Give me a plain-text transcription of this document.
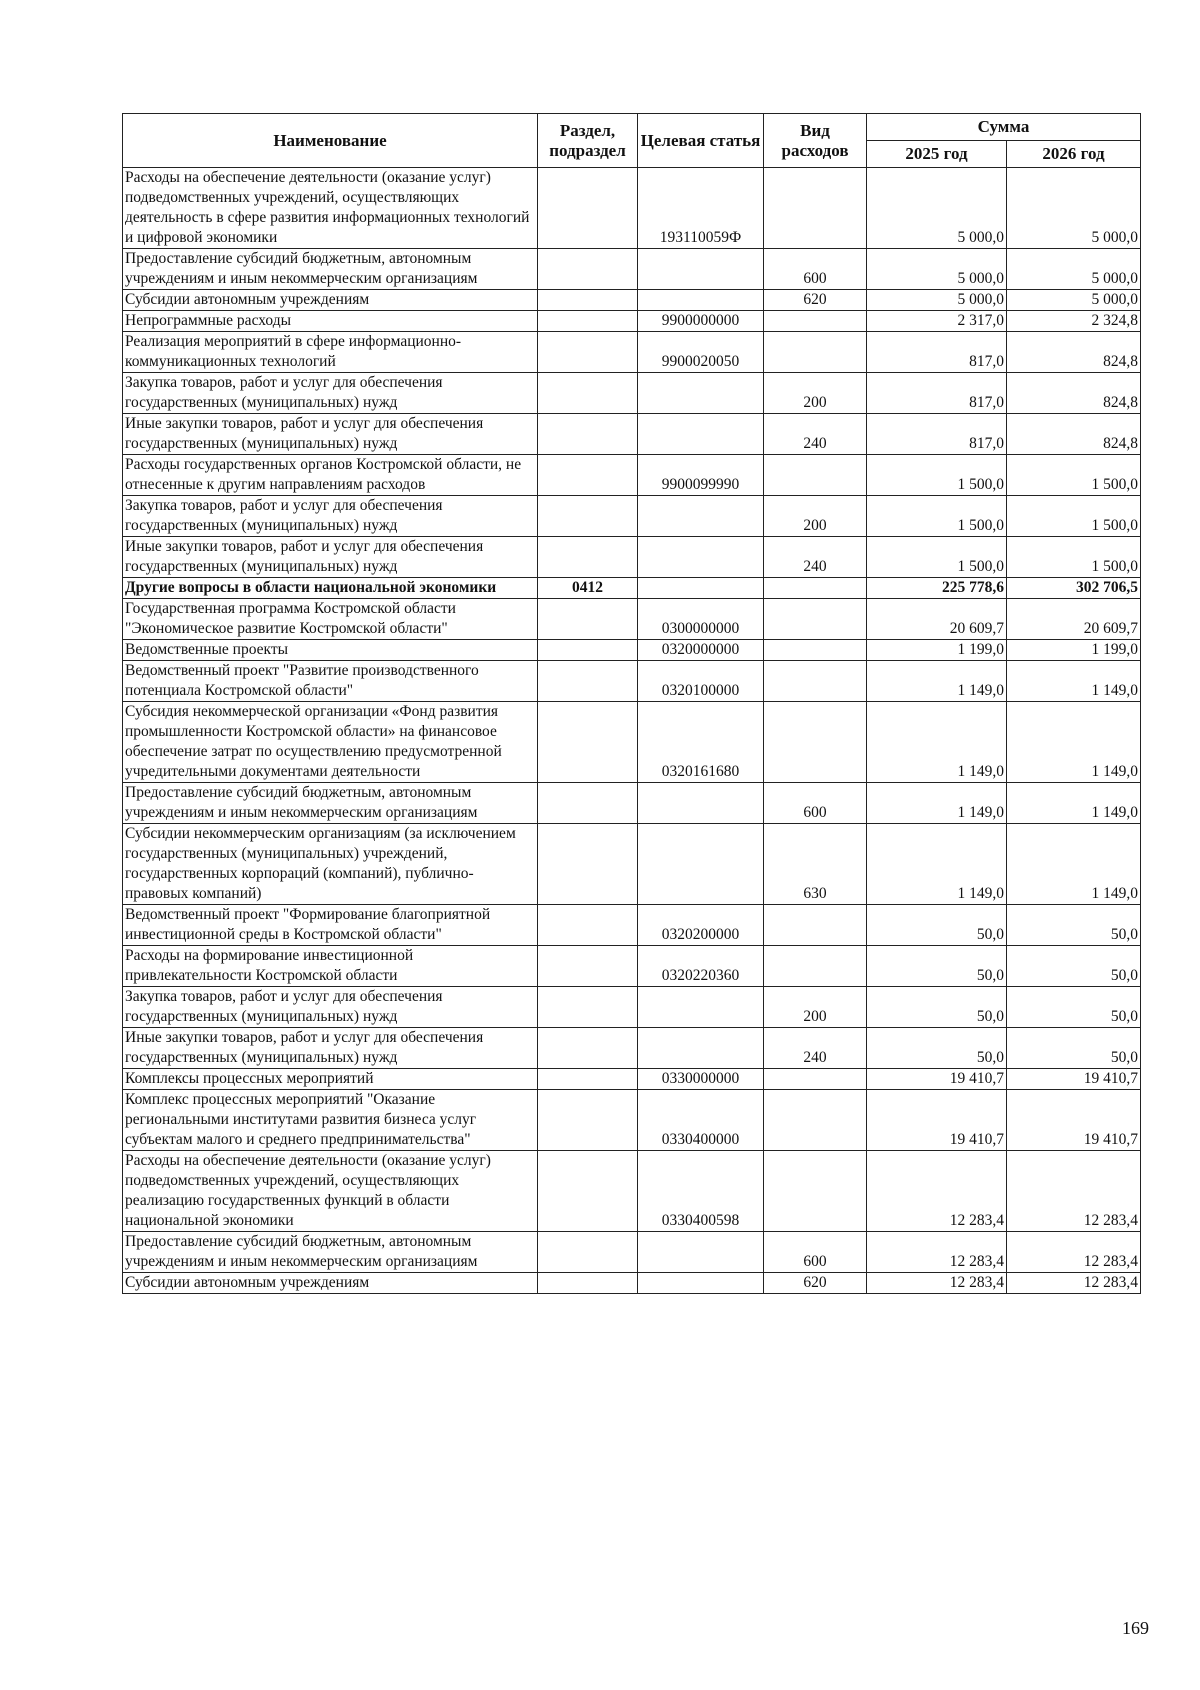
Наименование	Раздел, подраздел	Целевая статья	Вид расходов	Сумма	
				2025 год	2026 год
Расходы на обеспечение деятельности (оказание услуг) подведомственных учреждений, осуществляющих деятельность в сфере развития информационных технологий и цифровой экономики		193110059Ф		5 000,0	5 000,0
Предоставление субсидий бюджетным, автономным учреждениям и иным некоммерческим организациям			600	5 000,0	5 000,0
Субсидии автономным учреждениям			620	5 000,0	5 000,0
Непрограммные расходы		9900000000		2 317,0	2 324,8
Реализация мероприятий в сфере информационно-коммуникационных технологий		9900020050		817,0	824,8
Закупка товаров, работ и услуг для обеспечения государственных (муниципальных) нужд			200	817,0	824,8
Иные закупки товаров, работ и услуг для обеспечения государственных (муниципальных) нужд			240	817,0	824,8
Расходы государственных органов Костромской области, не отнесенные к другим направлениям расходов		9900099990		1 500,0	1 500,0
Закупка товаров, работ и услуг для обеспечения государственных (муниципальных) нужд			200	1 500,0	1 500,0
Иные закупки товаров, работ и услуг для обеспечения государственных (муниципальных) нужд			240	1 500,0	1 500,0
Другие вопросы в области национальной экономики	0412			225 778,6	302 706,5
Государственная программа Костромской области "Экономическое развитие Костромской области"		0300000000		20 609,7	20 609,7
Ведомственные проекты		0320000000		1 199,0	1 199,0
Ведомственный проект "Развитие производственного потенциала Костромской области"		0320100000		1 149,0	1 149,0
Субсидия некоммерческой организации «Фонд развития промышленности Костромской области» на финансовое обеспечение затрат по осуществлению предусмотренной учредительными документами деятельности		0320161680		1 149,0	1 149,0
Предоставление субсидий бюджетным, автономным учреждениям и иным некоммерческим организациям			600	1 149,0	1 149,0
Субсидии некоммерческим организациям (за исключением государственных (муниципальных) учреждений, государственных корпораций (компаний), публично-правовых компаний)			630	1 149,0	1 149,0
Ведомственный проект "Формирование благоприятной инвестиционной среды в Костромской области"		0320200000		50,0	50,0
Расходы на формирование инвестиционной привлекательности Костромской области		0320220360		50,0	50,0
Закупка товаров, работ и услуг для обеспечения государственных (муниципальных) нужд			200	50,0	50,0
Иные закупки товаров, работ и услуг для обеспечения государственных (муниципальных) нужд			240	50,0	50,0
Комплексы процессных мероприятий		0330000000		19 410,7	19 410,7
Комплекс процессных мероприятий "Оказание региональными институтами развития бизнеса услуг субъектам малого и среднего предпринимательства"		0330400000		19 410,7	19 410,7
Расходы на обеспечение деятельности (оказание услуг) подведомственных учреждений, осуществляющих реализацию государственных функций в области национальной экономики		0330400598		12 283,4	12 283,4
Предоставление субсидий бюджетным, автономным учреждениям и иным некоммерческим организациям			600	12 283,4	12 283,4
Субсидии автономным учреждениям			620	12 283,4	12 283,4
169
